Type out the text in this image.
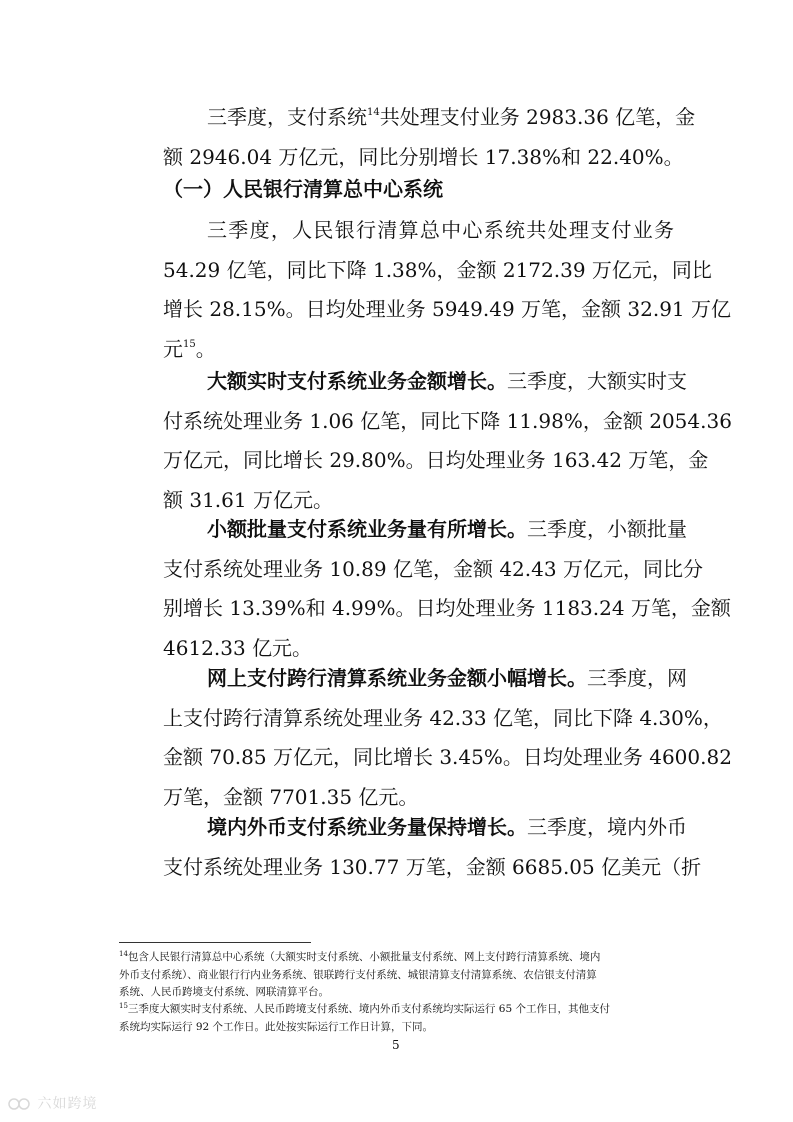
三季度，支付系统$^{14}$共处理支付业务 2983.36 亿笔，金
额 2946.04 万亿元，同比分别增长 17.38%和 22.40%。
（一）人民银行清算总中心系统
三季度，人民银行清算总中心系统共处理支付业务
54.29 亿笔，同比下降 1.38%，金额 2172.39 万亿元，同比
增长 28.15%。日均处理业务 5949.49 万笔，金额 32.91 万亿
元$^{15}$。
大额实时支付系统业务金额增长。三季度，大额实时支
付系统处理业务 1.06 亿笔，同比下降 11.98%，金额 2054.36
万亿元，同比增长 29.80%。日均处理业务 163.42 万笔，金
额 31.61 万亿元。
小额批量支付系统业务量有所增长。三季度，小额批量
支付系统处理业务 10.89 亿笔，金额 42.43 万亿元，同比分
别增长 13.39%和 4.99%。日均处理业务 1183.24 万笔，金额
4612.33 亿元。
网上支付跨行清算系统业务金额小幅增长。三季度，网
上支付跨行清算系统处理业务 42.33 亿笔，同比下降 4.30%，
金额 70.85 万亿元，同比增长 3.45%。日均处理业务 4600.82
万笔，金额 7701.35 亿元。
境内外币支付系统业务量保持增长。三季度，境内外币
支付系统处理业务 130.77 万笔，金额 6685.05 亿美元（折
$^{14}$包含人民银行清算总中心系统（大额实时支付系统、小额批量支付系统、网上支付跨行清算系统、境内
外币支付系统）、商业银行行内业务系统、银联跨行支付系统、城银清算支付清算系统、农信银支付清算
系统、人民币跨境支付系统、网联清算平台。
$^{15}$三季度大额实时支付系统、人民币跨境支付系统、境内外币支付系统均实际运行 65 个工作日，其他支付
系统均实际运行 92 个工作日。此处按实际运行工作日计算，下同。
5
六如跨境
